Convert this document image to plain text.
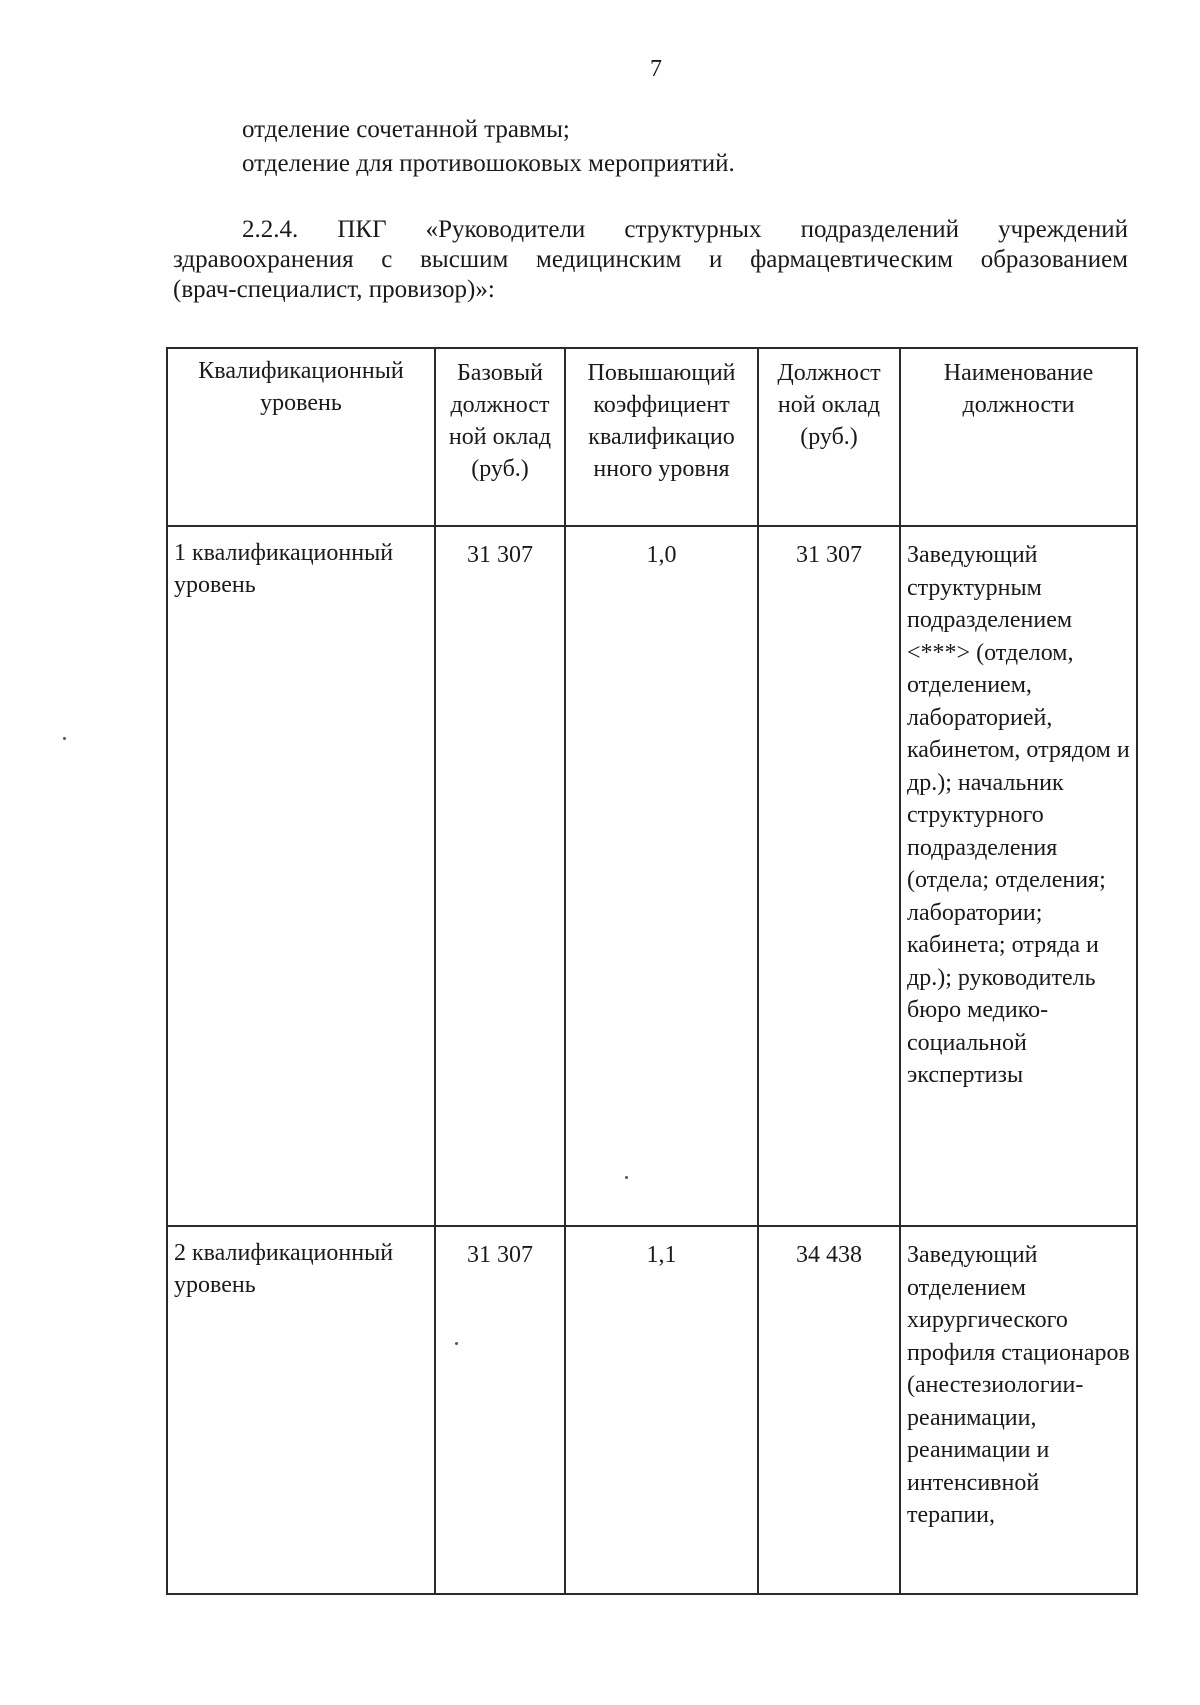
7
отделение сочетанной травмы;
отделение для противошоковых мероприятий.
2.2.4. ПКГ «Руководители структурных подразделений учреждений
здравоохранения с высшим медицинским и фармацевтическим образованием
(врач-специалист, провизор)»:
Квалификационный уровень	Базовый должност ной оклад (руб.)	Повышающий коэффициент квалификацио нного уровня	Должност ной оклад (руб.)	Наименование должности

1 квалификационный уровень	31 307	1,0	31 307	Заведующий структурным подразделением <***> (отделом, отделением, лабораторией, кабинетом, отрядом и др.); начальник структурного подразделения (отдела; отделения; лаборатории; кабинета; отряда и др.); руководитель бюро медико-социальной экспертизы
2 квалификационный уровень	31 307	1,1	34 438	Заведующий отделением хирургического профиля стационаров (анестезиологии-реанимации, реанимации и интенсивной терапии,
